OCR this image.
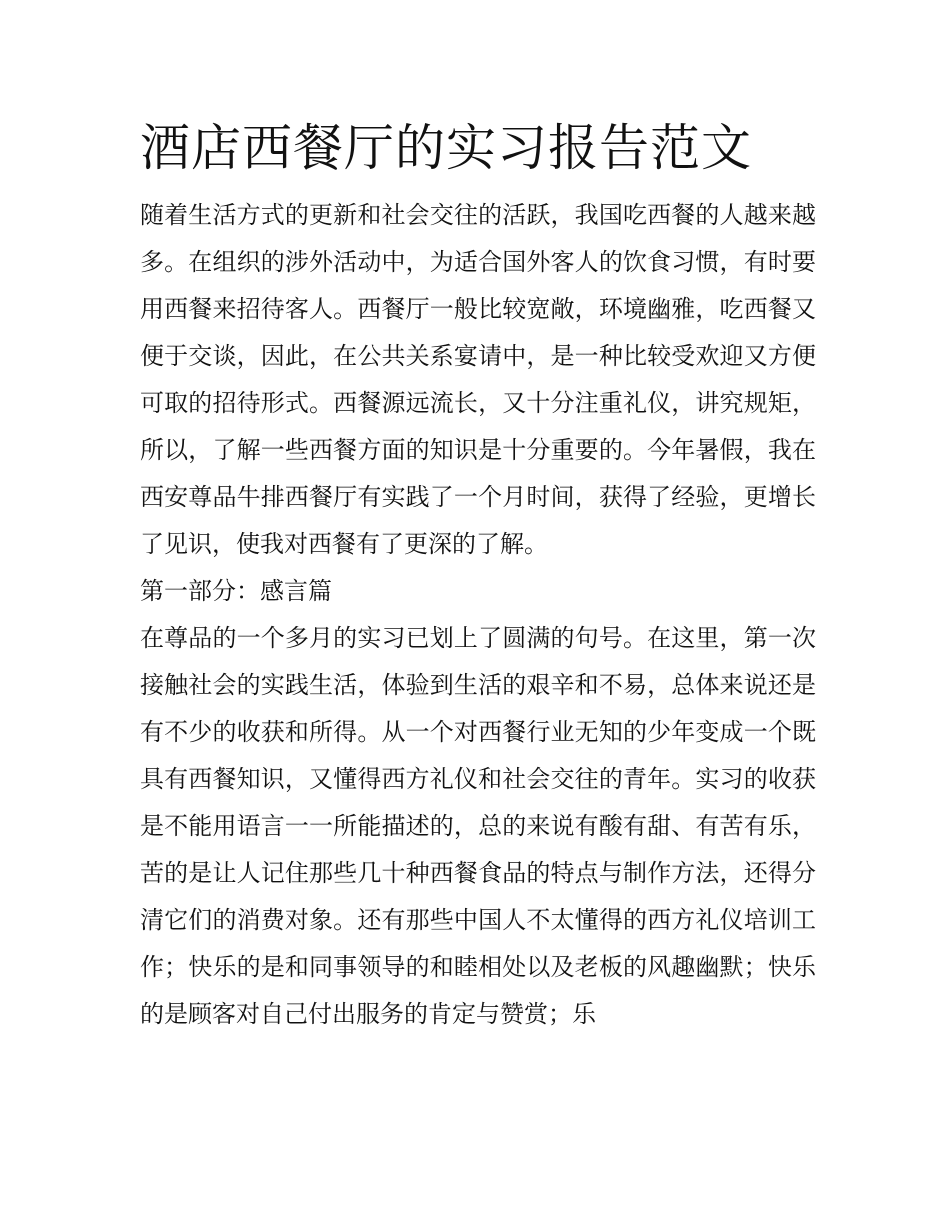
酒店西餐厅的实习报告范文

随着生活方式的更新和社会交往的活跃，我国吃西餐的人越来越多。在组织的涉外活动中，为适合国外客人的饮食习惯，有时要用西餐来招待客人。西餐厅一般比较宽敞，环境幽雅，吃西餐又便于交谈，因此，在公共关系宴请中，是一种比较受欢迎又方便可取的招待形式。西餐源远流长，又十分注重礼仪，讲究规矩，所以，了解一些西餐方面的知识是十分重要的。今年暑假，我在西安尊品牛排西餐厅有实践了一个月时间，获得了经验，更增长了见识，使我对西餐有了更深的了解。

第一部分：感言篇

在尊品的一个多月的实习已划上了圆满的句号。在这里，第一次接触社会的实践生活，体验到生活的艰辛和不易，总体来说还是有不少的收获和所得。从一个对西餐行业无知的少年变成一个既具有西餐知识，又懂得西方礼仪和社会交往的青年。实习的收获是不能用语言一一所能描述的，总的来说有酸有甜、有苦有乐，苦的是让人记住那些几十种西餐食品的特点与制作方法，还得分清它们的消费对象。还有那些中国人不太懂得的西方礼仪培训工作；快乐的是和同事领导的和睦相处以及老板的风趣幽默；快乐的是顾客对自己付出服务的肯定与赞赏；乐
